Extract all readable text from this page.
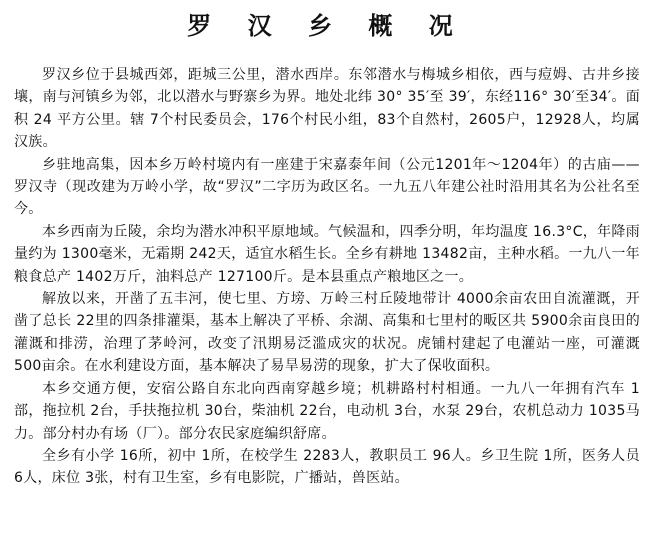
罗 汉 乡 概 况

罗汉乡位于县城西郊，距城三公里，潜水西岸。东邻潜水与梅城乡相依，西与痘姆、古井乡接壤，南与河镇乡为邻，北以潜水与野寨乡为界。地处北纬 30° 35′至 39′，东经116° 30′至34′。面积 24 平方公里。辖 7个村民委员会，176个村民小组，83个自然村，2605户，12928人，均属汉族。

乡驻地高集，因本乡万岭村境内有一座建于宋嘉泰年间（公元1201年～1204年）的古庙——罗汉寺（现改建为万岭小学，故“罗汉”二字历为政区名。一九五八年建公社时沿用其名为公社名至今。

本乡西南为丘陵，余均为潜水冲积平原地域。气候温和，四季分明，年均温度 16.3°C，年降雨量约为 1300毫米，无霜期 242天，适宜水稻生长。全乡有耕地 13482亩，主种水稻。一九八一年粮食总产 1402万斤，油料总产 127100斤。是本县重点产粮地区之一。

解放以来，开凿了五丰河，使七里、方塝、万岭三村丘陵地带计 4000余亩农田自流灌溉，开凿了总长 22里的四条排灌渠，基本上解决了平桥、余湖、高集和七里村的畈区共 5900余亩良田的灌溉和排涝，治理了茅岭河，改变了汛期易泛滥成灾的状况。虎铺村建起了电灌站一座，可灌溉 500亩余。在水利建设方面，基本解决了易旱易涝的现象，扩大了保收面积。

本乡交通方便，安宿公路自东北向西南穿越乡境；机耕路村村相通。一九八一年拥有汽车 1部，拖拉机 2台，手扶拖拉机 30台，柴油机 22台，电动机 3台，水泵 29台，农机总动力 1035马力。部分村办有场（厂）。部分农民家庭编织舒席。

全乡有小学 16所，初中 1所，在校学生 2283人，教职员工 96人。乡卫生院 1所，医务人员 6人，床位 3张，村有卫生室，乡有电影院，广播站，兽医站。
